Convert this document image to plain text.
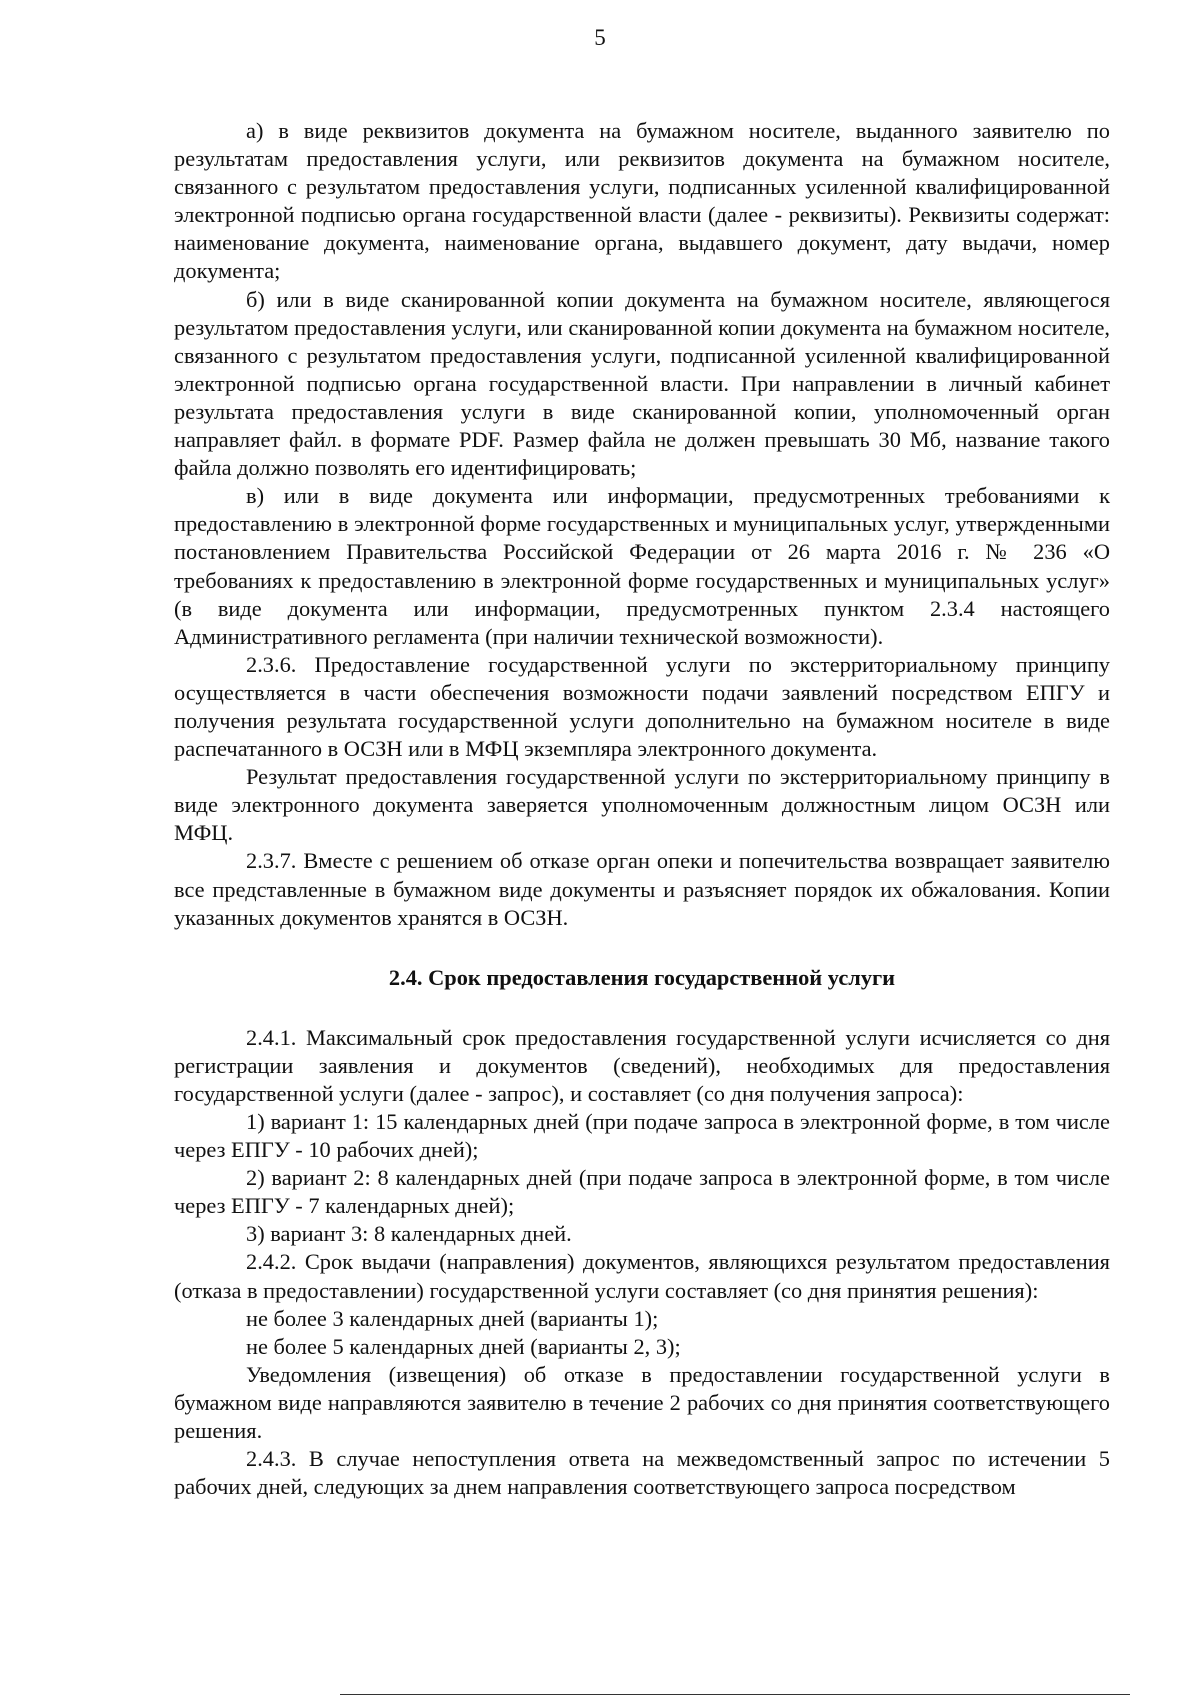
5

а) в виде реквизитов документа на бумажном носителе, выданного заявителю по результатам предоставления услуги, или реквизитов документа на бумажном носителе, связанного с результатом предоставления услуги, подписанных усиленной квалифицированной электронной подписью органа государственной власти (далее - реквизиты). Реквизиты содержат: наименование документа, наименование органа, выдавшего документ, дату выдачи, номер документа;

б) или в виде сканированной копии документа на бумажном носителе, являющегося результатом предоставления услуги, или сканированной копии документа на бумажном носителе, связанного с результатом предоставления услуги, подписанной усиленной квалифицированной электронной подписью органа государственной власти. При направлении в личный кабинет результата предоставления услуги в виде сканированной копии, уполномоченный орган направляет файл. в формате PDF. Размер файла не должен превышать 30 Мб, название такого файла должно позволять его идентифицировать;

в) или в виде документа или информации, предусмотренных требованиями к предоставлению в электронной форме государственных и муниципальных услуг, утвержденными постановлением Правительства Российской Федерации от 26 марта 2016 г. № 236 «О требованиях к предоставлению в электронной форме государственных и муниципальных услуг» (в виде документа или информации, предусмотренных пунктом 2.3.4 настоящего Административного регламента (при наличии технической возможности).

2.3.6. Предоставление государственной услуги по экстерриториальному принципу осуществляется в части обеспечения возможности подачи заявлений посредством ЕПГУ и получения результата государственной услуги дополнительно на бумажном носителе в виде распечатанного в ОСЗН или в МФЦ экземпляра электронного документа.

Результат предоставления государственной услуги по экстерриториальному принципу в виде электронного документа заверяется уполномоченным должностным лицом ОСЗН или МФЦ.

2.3.7. Вместе с решением об отказе орган опеки и попечительства возвращает заявителю все представленные в бумажном виде документы и разъясняет порядок их обжалования. Копии указанных документов хранятся в ОСЗН.

2.4. Срок предоставления государственной услуги

2.4.1. Максимальный срок предоставления государственной услуги исчисляется со дня регистрации заявления и документов (сведений), необходимых для предоставления государственной услуги (далее - запрос), и составляет (со дня получения запроса):

1) вариант 1: 15 календарных дней (при подаче запроса в электронной форме, в том числе через ЕПГУ - 10 рабочих дней);

2) вариант 2: 8 календарных дней (при подаче запроса в электронной форме, в том числе через ЕПГУ - 7 календарных дней);

3) вариант 3: 8 календарных дней.

2.4.2. Срок выдачи (направления) документов, являющихся результатом предоставления (отказа в предоставлении) государственной услуги составляет (со дня принятия решения):

не более 3 календарных дней (варианты 1);

не более 5 календарных дней (варианты 2, 3);

Уведомления (извещения) об отказе в предоставлении государственной услуги в бумажном виде направляются заявителю в течение 2 рабочих со дня принятия соответствующего решения.

2.4.3. В случае непоступления ответа на межведомственный запрос по истечении 5 рабочих дней, следующих за днем направления соответствующего запроса посредством
